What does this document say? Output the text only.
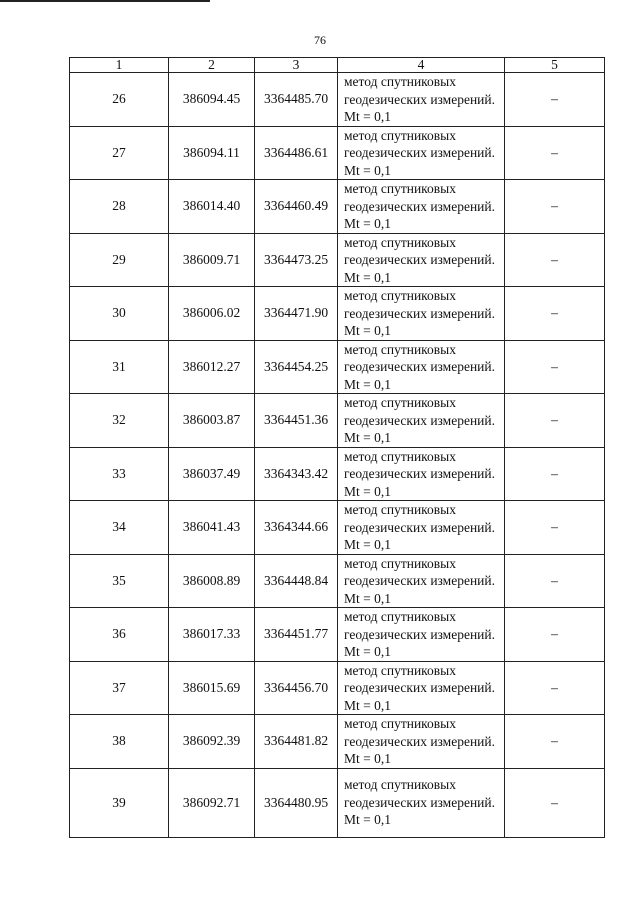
76
1	2	3	4	5
26	386094.45	3364485.70	метод спутниковых геодезических измерений. Mt = 0,1	–
27	386094.11	3364486.61	метод спутниковых геодезических измерений. Mt = 0,1	–
28	386014.40	3364460.49	метод спутниковых геодезических измерений. Mt = 0,1	–
29	386009.71	3364473.25	метод спутниковых геодезических измерений. Mt = 0,1	–
30	386006.02	3364471.90	метод спутниковых геодезических измерений. Mt = 0,1	–
31	386012.27	3364454.25	метод спутниковых геодезических измерений. Mt = 0,1	–
32	386003.87	3364451.36	метод спутниковых геодезических измерений. Mt = 0,1	–
33	386037.49	3364343.42	метод спутниковых геодезических измерений. Mt = 0,1	–
34	386041.43	3364344.66	метод спутниковых геодезических измерений. Mt = 0,1	–
35	386008.89	3364448.84	метод спутниковых геодезических измерений. Mt = 0,1	–
36	386017.33	3364451.77	метод спутниковых геодезических измерений. Mt = 0,1	–
37	386015.69	3364456.70	метод спутниковых геодезических измерений. Mt = 0,1	–
38	386092.39	3364481.82	метод спутниковых геодезических измерений. Mt = 0,1	–
39	386092.71	3364480.95	метод спутниковых геодезических измерений. Mt = 0,1	–
